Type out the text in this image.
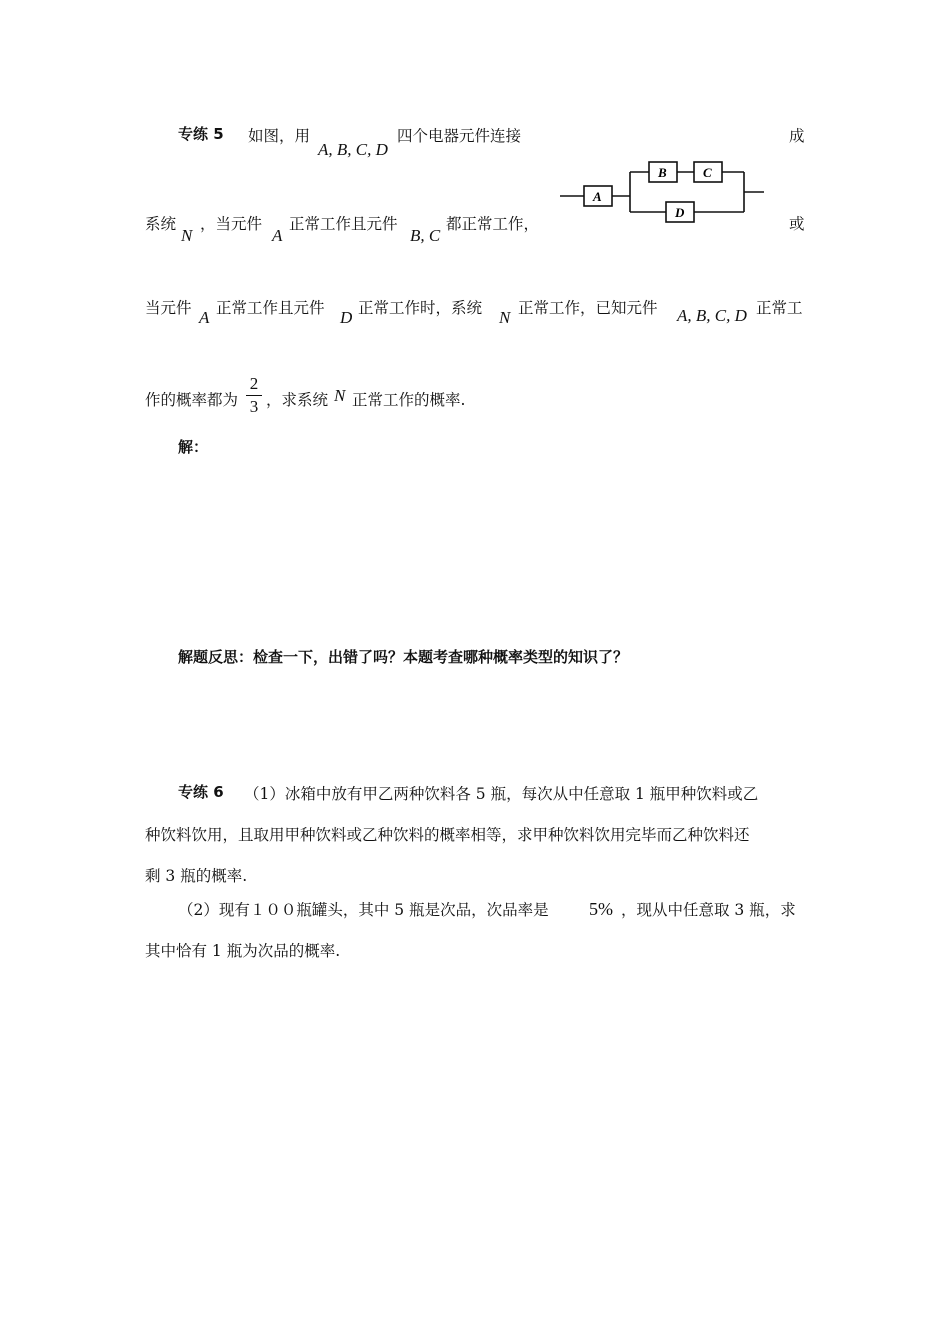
专练 5 如图，用
A, B, C, D
四个电器元件连接	成
A
B	C
D
系统
N
，当元件
A
正常工作且元件
B, C
都正常工作，	或
当元件 A 正常工作且元件 D 正常工作时，系统 N 正常工作，已知元件 A, B, C, D 正常工
作的概率都为
2
3 ，求系统 N 正常工作的概率.
解：
解题反思：检查一下，出错了吗？本题考查哪种概率类型的知识了？
专练 6 （1）冰箱中放有甲乙两种饮料各 5 瓶，每次从中任意取 1 瓶甲种饮料或乙
种饮料饮用，且取用甲种饮料或乙种饮料的概率相等，求甲种饮料饮用完毕而乙种饮料还
剩 3 瓶的概率.
（2）现有１００瓶罐头，其中 5 瓶是次品，次品率是 5% ，现从中任意取 3 瓶，求
其中恰有 1 瓶为次品的概率.
